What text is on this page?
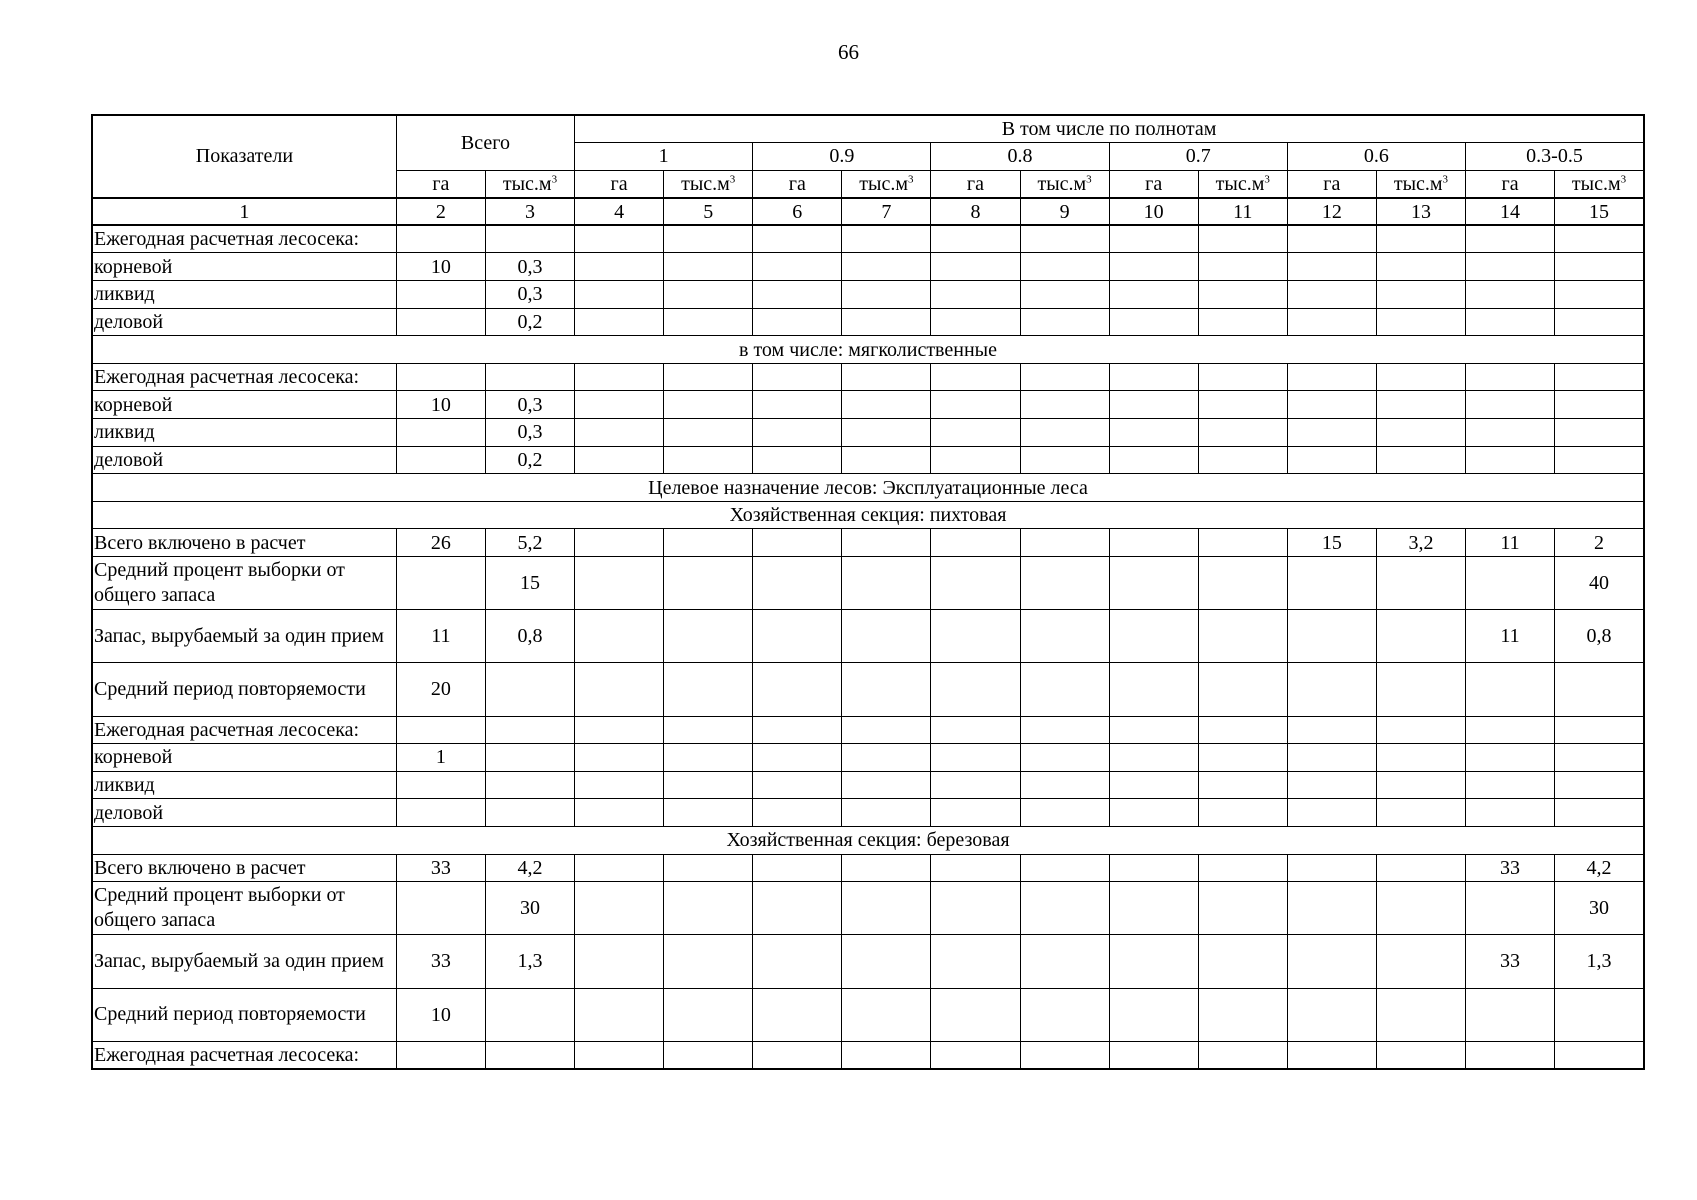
66
Показатели	Всего		В том числе по полнотам											
			1		0.9		0.8		0.7		0.6		0.3-0.5	
	га	$тыс.м^3$	га	$тыс.м^3$	га	$тыс.м^3$	га	$тыс.м^3$	га	$тыс.м^3$	га	$тыс.м^3$	га	$тыс.м^3$
1	2	3	4	5	6	7	8	9	10	11	12	13	14	15
Ежегодная расчетная лесосека:														
корневой	10	0,3												
ликвид		0,3												
деловой		0,2												
в том числе: мягколиственные														
Ежегодная расчетная лесосека:														
корневой	10	0,3												
ликвид		0,3												
деловой		0,2												
Целевое назначение лесов: Эксплуатационные леса														
Хозяйственная секция: пихтовая														
Всего включено в расчет	26	5,2									15	3,2	11	2
Средний процент выборки от общего запаса		15												40
Запас, вырубаемый за один прием	11	0,8											11	0,8
Средний период повторяемости	20													
Ежегодная расчетная лесосека:														
корневой	1													
ликвид														
деловой														
Хозяйственная секция: березовая														
Всего включено в расчет	33	4,2											33	4,2
Средний процент выборки от общего запаса		30												30
Запас, вырубаемый за один прием	33	1,3											33	1,3
Средний период повторяемости	10													
Ежегодная расчетная лесосека:														
